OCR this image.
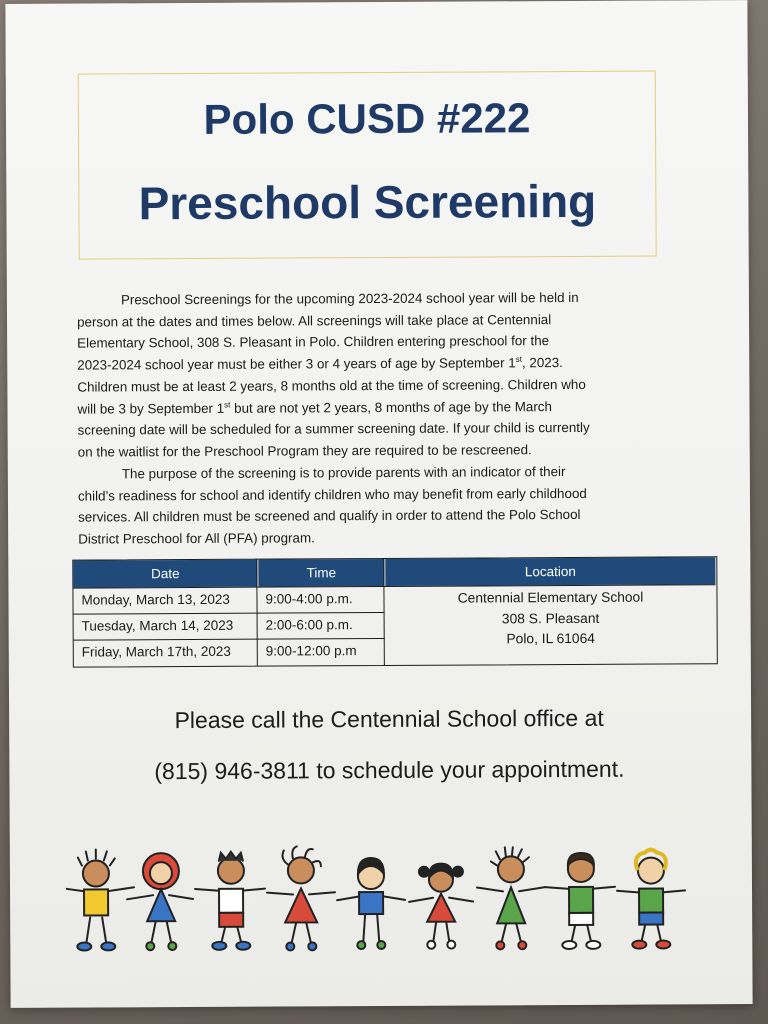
Polo CUSD #222
Preschool Screening
Preschool Screenings for the upcoming 2023-2024 school year will be held in
person at the dates and times below. All screenings will take place at Centennial
Elementary School, 308 S. Pleasant in Polo. Children entering preschool for the
2023-2024 school year must be either 3 or 4 years of age by September 1st, 2023.
Children must be at least 2 years, 8 months old at the time of screening. Children who
will be 3 by September 1st but are not yet 2 years, 8 months of age by the March
screening date will be scheduled for a summer screening date. If your child is currently
on the waitlist for the Preschool Program they are required to be rescreened.
The purpose of the screening is to provide parents with an indicator of their
child’s readiness for school and identify children who may benefit from early childhood
services. All children must be screened and qualify in order to attend the Polo School
District Preschool for All (PFA) program.
Date	Time	Location
Monday, March 13, 2023	9:00-4:00 p.m.
Tuesday, March 14, 2023 2:00-6:00 p.m.
Friday, March 17th, 2023	9:00-12:00 p.m
Centennial Elementary School
308 S. Pleasant
Polo, IL 61064
Please call the Centennial School office at
(815) 946-3811 to schedule your appointment.
